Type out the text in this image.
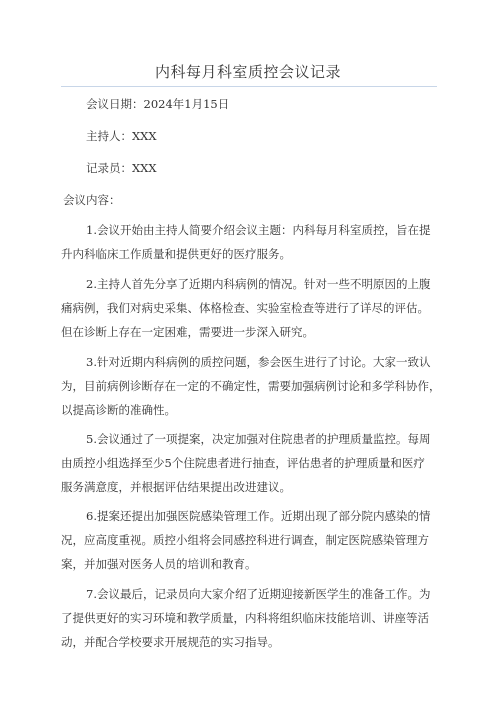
内科每月科室质控会议记录
会议日期：2024年1月15日
主持人：XXX
记录员：XXX
会议内容：
1.会议开始由主持人简要介绍会议主题：内科每月科室质控，旨在提
升内科临床工作质量和提供更好的医疗服务。
2.主持人首先分享了近期内科病例的情况。针对一些不明原因的上腹
痛病例，我们对病史采集、体格检查、实验室检查等进行了详尽的评估。
但在诊断上存在一定困难，需要进一步深入研究。
3.针对近期内科病例的质控问题，参会医生进行了讨论。大家一致认
为，目前病例诊断存在一定的不确定性，需要加强病例讨论和多学科协作，
以提高诊断的准确性。
5.会议通过了一项提案，决定加强对住院患者的护理质量监控。每周
由质控小组选择至少5个住院患者进行抽查，评估患者的护理质量和医疗
服务满意度，并根据评估结果提出改进建议。
6.提案还提出加强医院感染管理工作。近期出现了部分院内感染的情
况，应高度重视。质控小组将会同感控科进行调查，制定医院感染管理方
案，并加强对医务人员的培训和教育。
7.会议最后，记录员向大家介绍了近期迎接新医学生的准备工作。为
了提供更好的实习环境和教学质量，内科将组织临床技能培训、讲座等活
动，并配合学校要求开展规范的实习指导。
